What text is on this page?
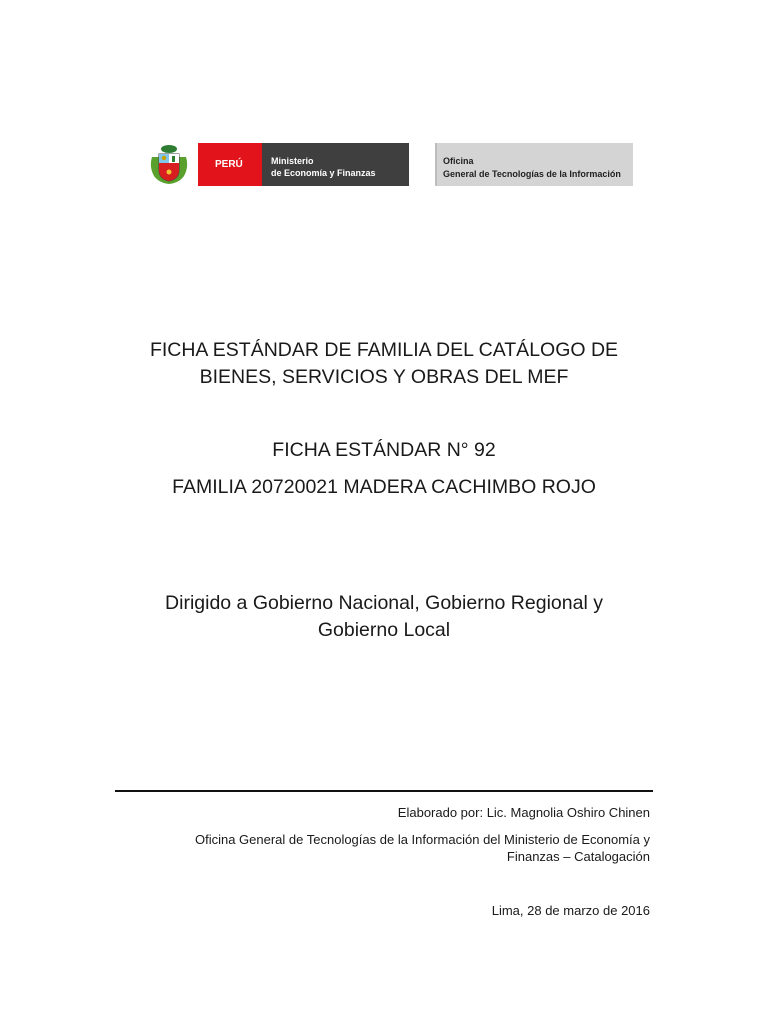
PERÚ	Ministerio
de Economía y Finanzas
Oficina
General de Tecnologías de la Información
FICHA ESTÁNDAR DE FAMILIA DEL CATÁLOGO DE
BIENES, SERVICIOS Y OBRAS DEL MEF
FICHA ESTÁNDAR N° 92
FAMILIA 20720021 MADERA CACHIMBO ROJO
Dirigido a Gobierno Nacional, Gobierno Regional y
Gobierno Local
Elaborado por: Lic. Magnolia Oshiro Chinen
Oficina General de Tecnologías de la Información del Ministerio de Economía y
Finanzas – Catalogación
Lima, 28 de marzo de 2016
